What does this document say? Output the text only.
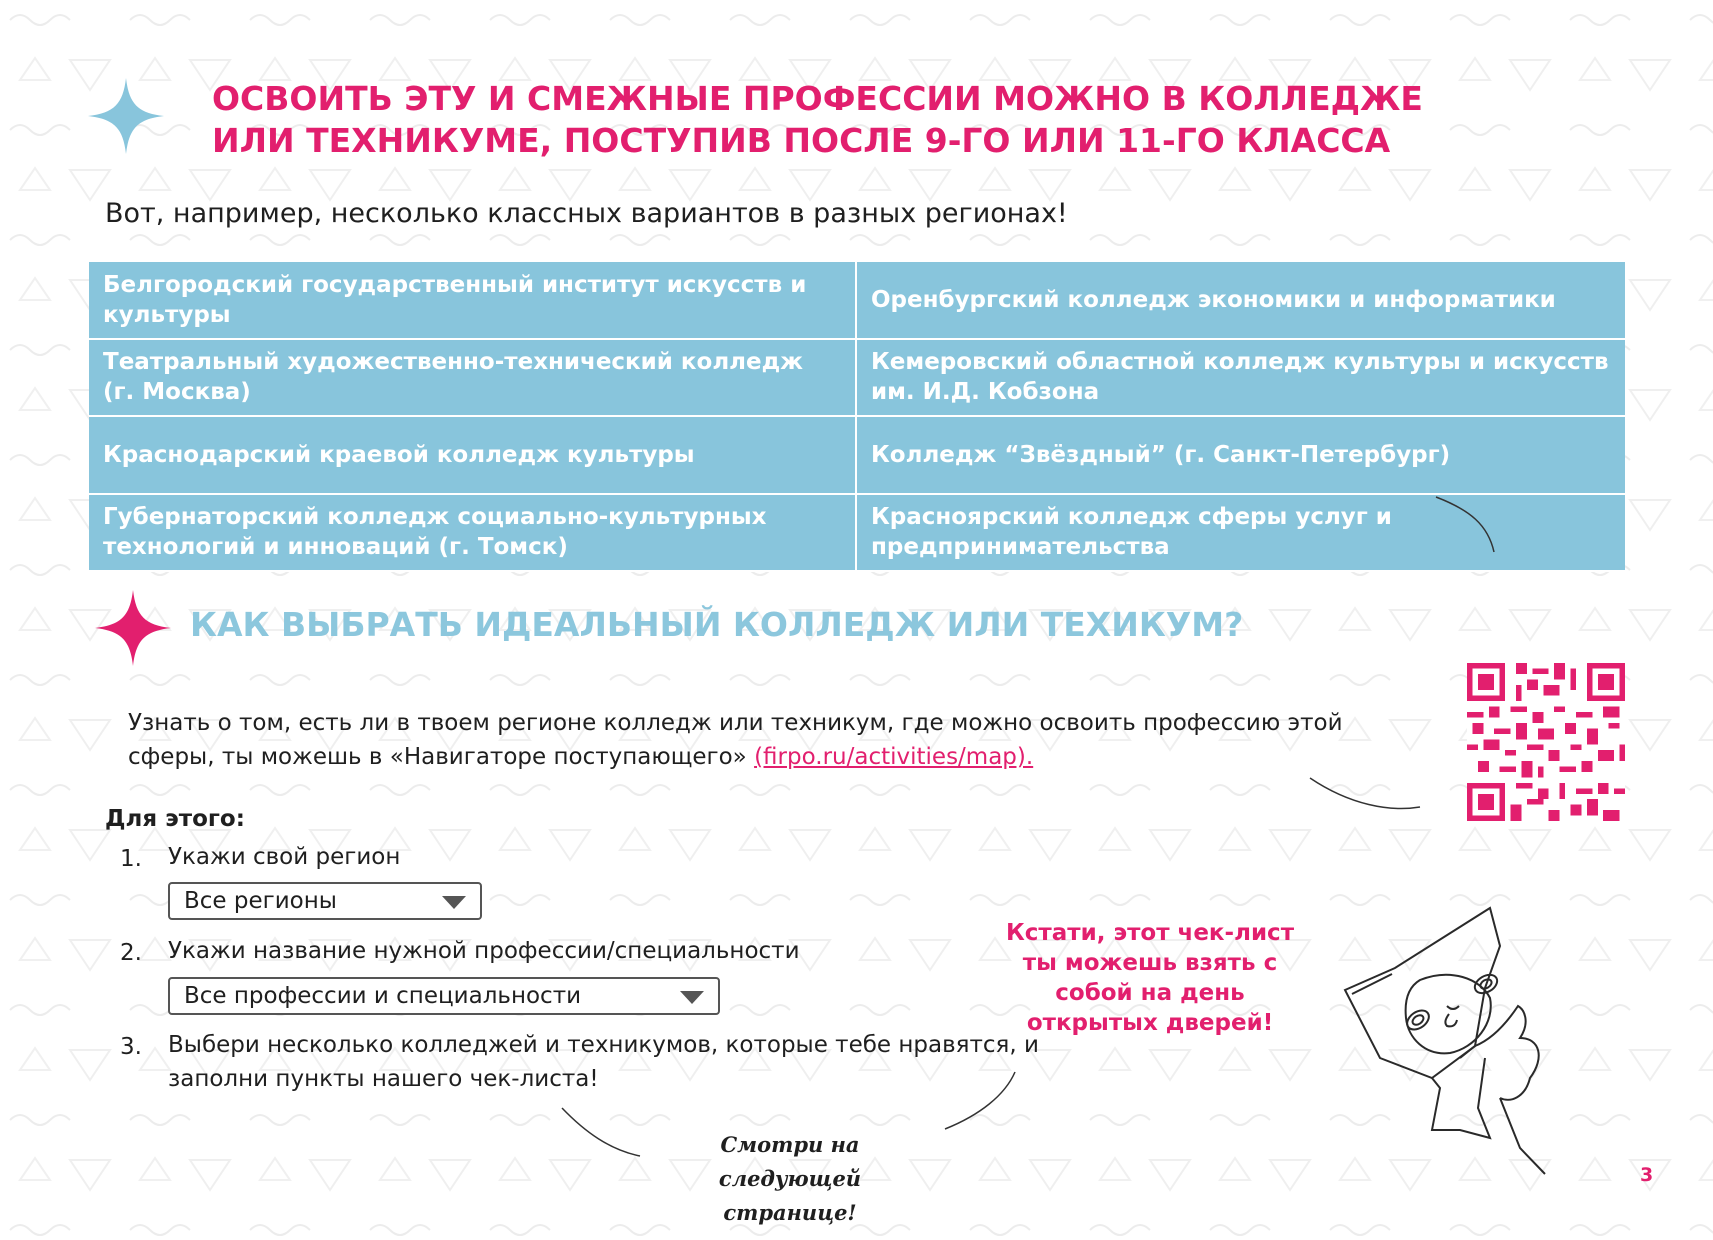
ОСВОИТЬ ЭТУ И СМЕЖНЫЕ ПРОФЕССИИ МОЖНО В КОЛЛЕДЖЕ ИЛИ ТЕХНИКУМЕ, ПОСТУПИВ ПОСЛЕ 9-ГО ИЛИ 11-ГО КЛАССА
Вот, например, несколько классных вариантов в разных регионах!
Белгородский государственный институт искусств и культуры
Оренбургский колледж экономики и информатики
Театральный художественно-технический колледж (г. Москва)
Кемеровский областной колледж культуры и искусств им. И.Д. Кобзона
Краснодарский краевой колледж культуры	Колледж “Звёздный” (г. Санкт-Петербург)
Губернаторский колледж социально-культурных технологий и инноваций (г. Томск)
Красноярский колледж сферы услуг и предпринимательства
КАК ВЫБРАТЬ ИДЕАЛЬНЫЙ КОЛЛЕДЖ ИЛИ ТЕХИКУМ?
Узнать о том, есть ли в твоем регионе колледж или техникум, где можно освоить профессию этой сферы, ты можешь в «Навигаторе поступающего» (firpo.ru/activities/map).
Для этого:
1. Укажи свой регион
Все регионы
2. Укажи название нужной профессии/специальности
Все профессии и специальности
3. Выбери несколько колледжей и техникумов, которые тебе нравятся, и заполни пункты нашего чек-листа!
Кстати, этот чек-лист ты можешь взять с собой на день открытых дверей!
Смотри на следующей странице!
3
